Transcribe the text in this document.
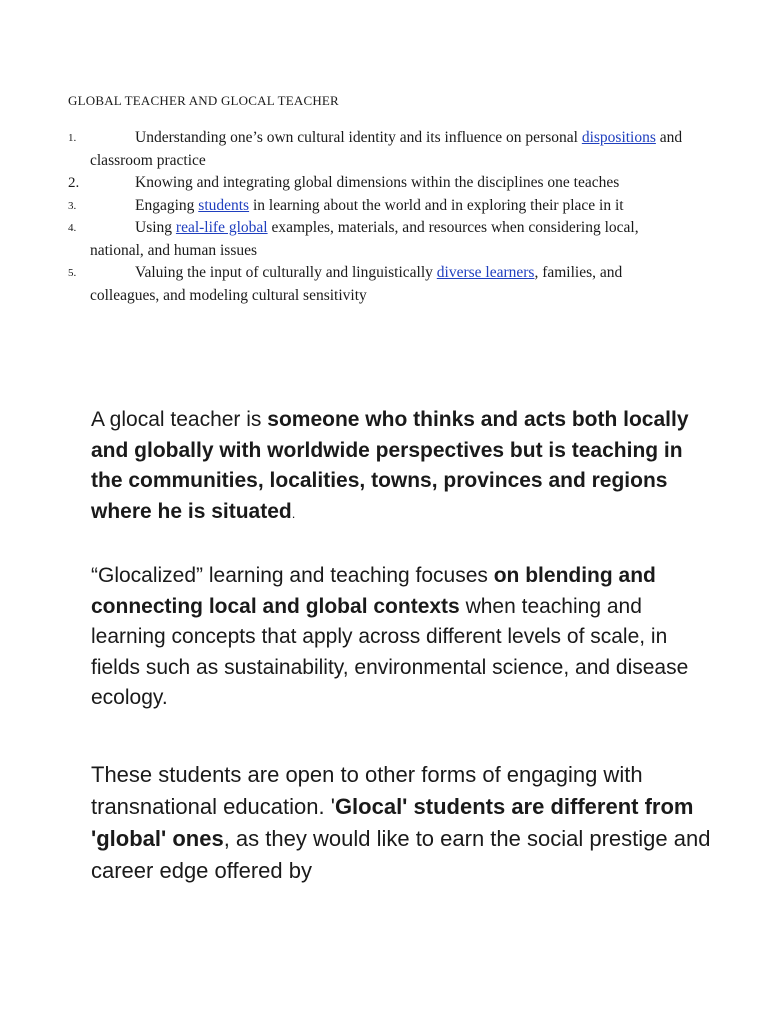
GLOBAL TEACHER AND GLOCAL TEACHER
1.	Understanding one’s own cultural identity and its influence on personal dispositions and classroom practice
2.	Knowing and integrating global dimensions within the disciplines one teaches
3.	Engaging students in learning about the world and in exploring their place in it
4.	Using real-life global examples, materials, and resources when considering local, national, and human issues
5.	Valuing the input of culturally and linguistically diverse learners, families, and colleagues, and modeling cultural sensitivity

A glocal teacher is someone who thinks and acts both locally and globally with worldwide perspectives but is teaching in the communities, localities, towns, provinces and regions where he is situated.

“Glocalized” learning and teaching focuses on blending and connecting local and global contexts when teaching and learning concepts that apply across different levels of scale, in fields such as sustainability, environmental science, and disease ecology.

These students are open to other forms of engaging with transnational education. 'Glocal' students are different from 'global' ones, as they would like to earn the social prestige and career edge offered by
